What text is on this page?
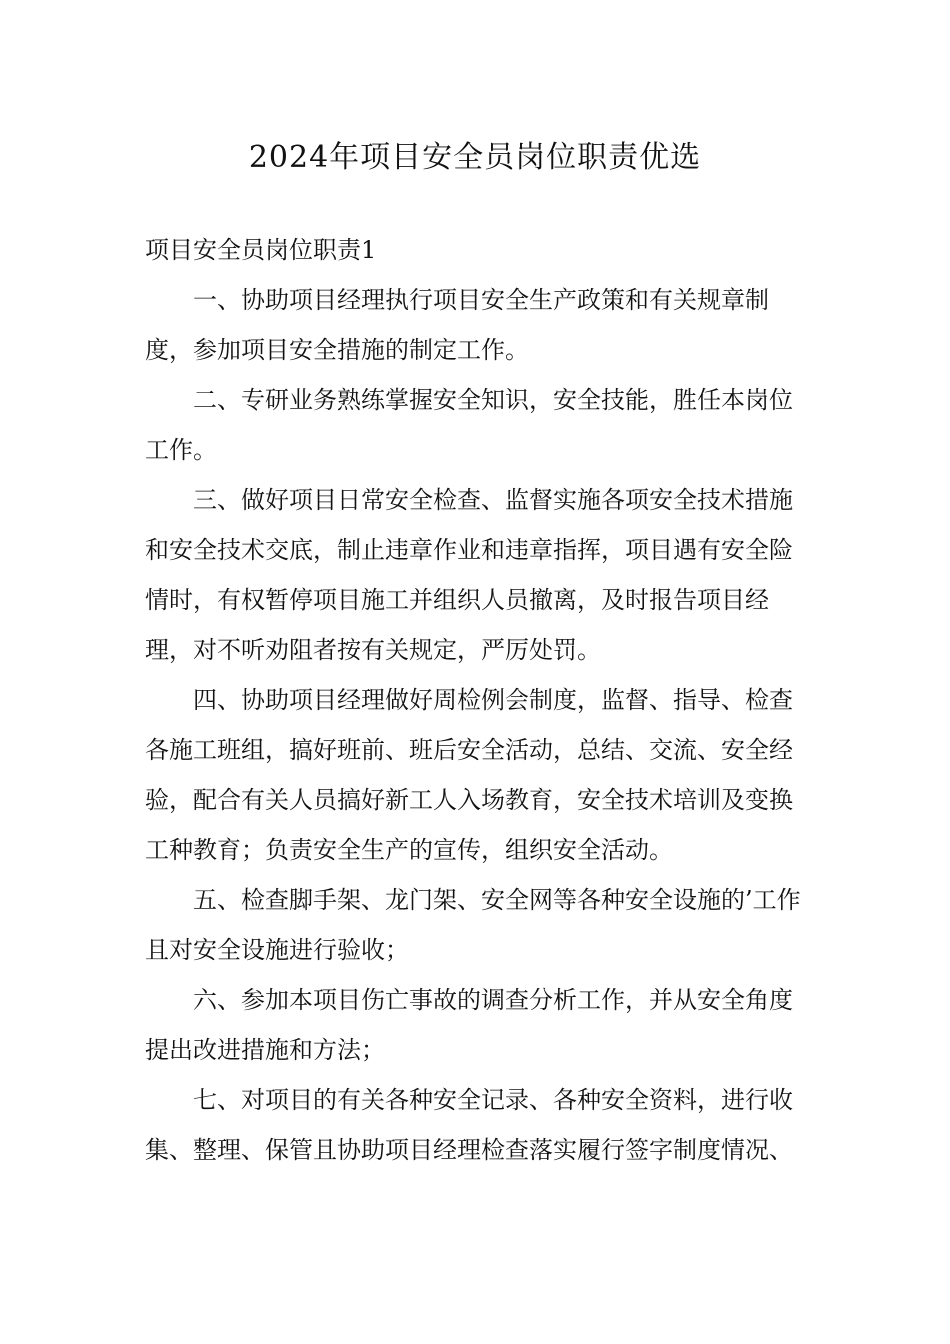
2024年项目安全员岗位职责优选

项目安全员岗位职责1

一、协助项目经理执行项目安全生产政策和有关规章制度，参加项目安全措施的制定工作。

二、专研业务熟练掌握安全知识，安全技能，胜任本岗位工作。

三、做好项目日常安全检查、监督实施各项安全技术措施和安全技术交底，制止违章作业和违章指挥，项目遇有安全险情时，有权暂停项目施工并组织人员撤离，及时报告项目经理，对不听劝阻者按有关规定，严厉处罚。

四、协助项目经理做好周检例会制度，监督、指导、检查各施工班组，搞好班前、班后安全活动，总结、交流、安全经验，配合有关人员搞好新工人入场教育，安全技术培训及变换工种教育；负责安全生产的宣传，组织安全活动。

五、检查脚手架、龙门架、安全网等各种安全设施的’工作且对安全设施进行验收；

六、参加本项目伤亡事故的调查分析工作，并从安全角度提出改进措施和方法；

七、对项目的有关各种安全记录、各种安全资料，进行收集、整理、保管且协助项目经理检查落实履行签字制度情况、
